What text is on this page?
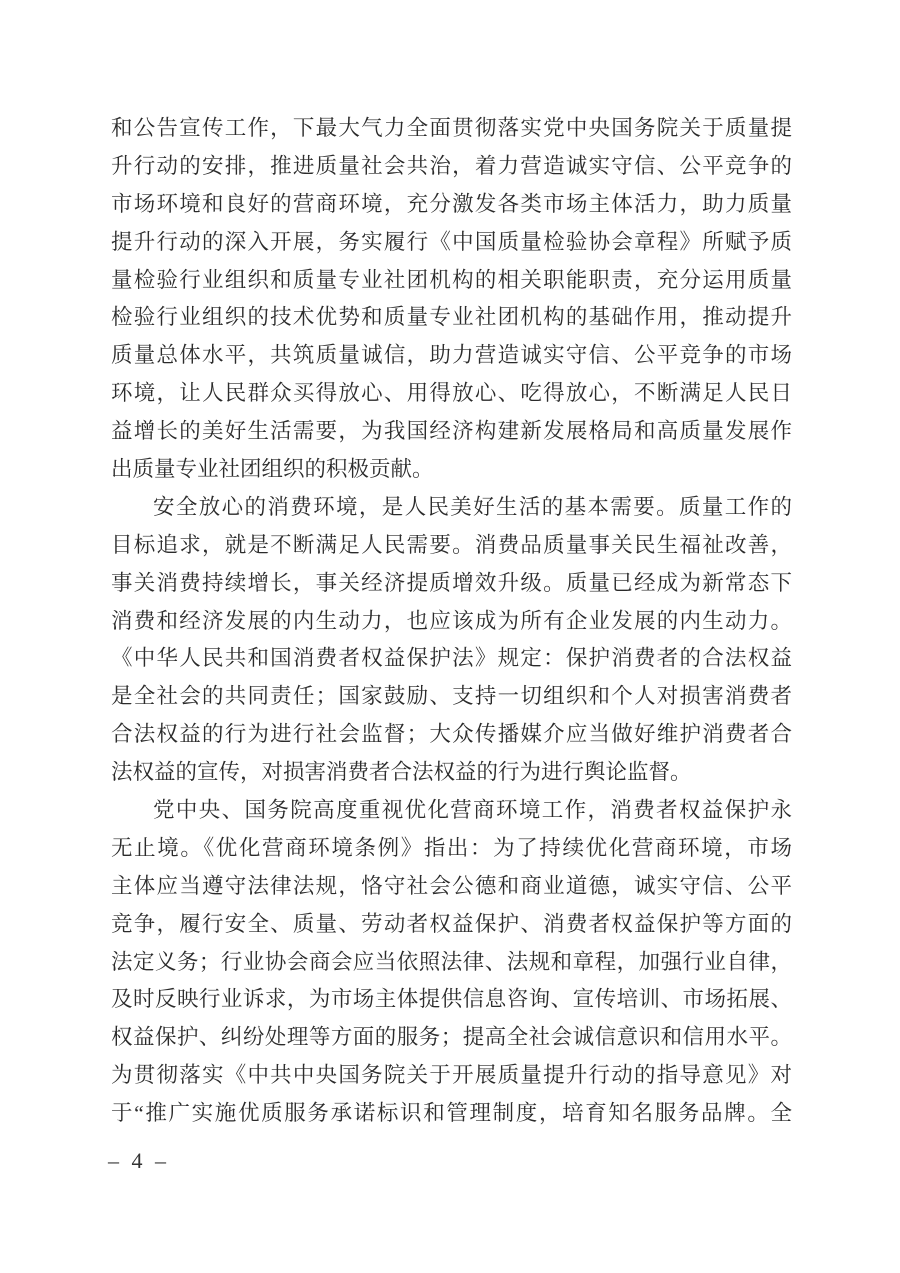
和公告宣传工作，下最大气力全面贯彻落实党中央国务院关于质量提
升行动的安排，推进质量社会共治，着力营造诚实守信、公平竞争的
市场环境和良好的营商环境，充分激发各类市场主体活力，助力质量
提升行动的深入开展，务实履行《中国质量检验协会章程》所赋予质
量检验行业组织和质量专业社团机构的相关职能职责，充分运用质量
检验行业组织的技术优势和质量专业社团机构的基础作用，推动提升
质量总体水平，共筑质量诚信，助力营造诚实守信、公平竞争的市场
环境，让人民群众买得放心、用得放心、吃得放心，不断满足人民日
益增长的美好生活需要，为我国经济构建新发展格局和高质量发展作
出质量专业社团组织的积极贡献。
安全放心的消费环境，是人民美好生活的基本需要。质量工作的
目标追求，就是不断满足人民需要。消费品质量事关民生福祉改善，
事关消费持续增长，事关经济提质增效升级。质量已经成为新常态下
消费和经济发展的内生动力，也应该成为所有企业发展的内生动力。
《中华人民共和国消费者权益保护法》规定：保护消费者的合法权益
是全社会的共同责任；国家鼓励、支持一切组织和个人对损害消费者
合法权益的行为进行社会监督；大众传播媒介应当做好维护消费者合
法权益的宣传，对损害消费者合法权益的行为进行舆论监督。
党中央、国务院高度重视优化营商环境工作，消费者权益保护永
无止境。《优化营商环境条例》指出：为了持续优化营商环境，市场
主体应当遵守法律法规，恪守社会公德和商业道德，诚实守信、公平
竞争，履行安全、质量、劳动者权益保护、消费者权益保护等方面的
法定义务；行业协会商会应当依照法律、法规和章程，加强行业自律，
及时反映行业诉求，为市场主体提供信息咨询、宣传培训、市场拓展、
权益保护、纠纷处理等方面的服务；提高全社会诚信意识和信用水平。
为贯彻落实《中共中央国务院关于开展质量提升行动的指导意见》对
于“推广实施优质服务承诺标识和管理制度，培育知名服务品牌。全
– 4 –
